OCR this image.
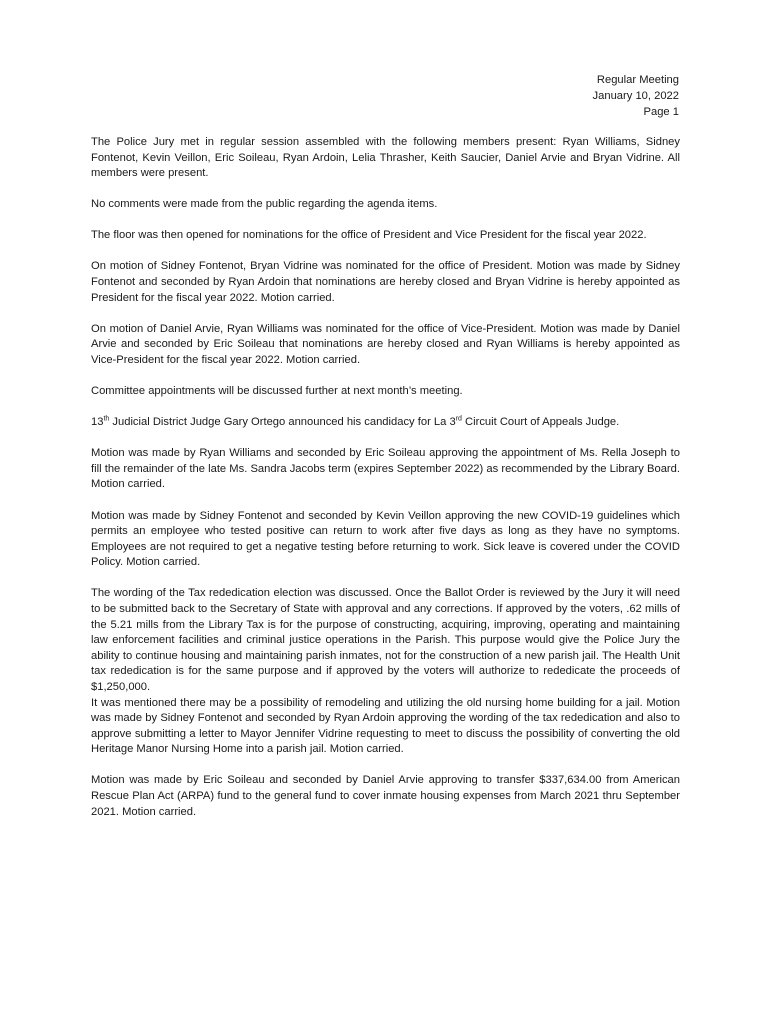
Regular Meeting
January 10, 2022
Page 1

The Police Jury met in regular session assembled with the following members present: Ryan Williams, Sidney Fontenot, Kevin Veillon, Eric Soileau, Ryan Ardoin, Lelia Thrasher, Keith Saucier, Daniel Arvie and Bryan Vidrine. All members were present.

No comments were made from the public regarding the agenda items.

The floor was then opened for nominations for the office of President and Vice President for the fiscal year 2022.

On motion of Sidney Fontenot, Bryan Vidrine was nominated for the office of President. Motion was made by Sidney Fontenot and seconded by Ryan Ardoin that nominations are hereby closed and Bryan Vidrine is hereby appointed as President for the fiscal year 2022. Motion carried.

On motion of Daniel Arvie, Ryan Williams was nominated for the office of Vice-President. Motion was made by Daniel Arvie and seconded by Eric Soileau that nominations are hereby closed and Ryan Williams is hereby appointed as Vice-President for the fiscal year 2022. Motion carried.

Committee appointments will be discussed further at next month’s meeting.

13th Judicial District Judge Gary Ortego announced his candidacy for La 3rd Circuit Court of Appeals Judge.

Motion was made by Ryan Williams and seconded by Eric Soileau approving the appointment of Ms. Rella Joseph to fill the remainder of the late Ms. Sandra Jacobs term (expires September 2022) as recommended by the Library Board. Motion carried.

Motion was made by Sidney Fontenot and seconded by Kevin Veillon approving the new COVID-19 guidelines which permits an employee who tested positive can return to work after five days as long as they have no symptoms. Employees are not required to get a negative testing before returning to work. Sick leave is covered under the COVID Policy. Motion carried.

The wording of the Tax rededication election was discussed. Once the Ballot Order is reviewed by the Jury it will need to be submitted back to the Secretary of State with approval and any corrections. If approved by the voters, .62 mills of the 5.21 mills from the Library Tax is for the purpose of constructing, acquiring, improving, operating and maintaining law enforcement facilities and criminal justice operations in the Parish. This purpose would give the Police Jury the ability to continue housing and maintaining parish inmates, not for the construction of a new parish jail. The Health Unit tax rededication is for the same purpose and if approved by the voters will authorize to rededicate the proceeds of $1,250,000.

It was mentioned there may be a possibility of remodeling and utilizing the old nursing home building for a jail. Motion was made by Sidney Fontenot and seconded by Ryan Ardoin approving the wording of the tax rededication and also to approve submitting a letter to Mayor Jennifer Vidrine requesting to meet to discuss the possibility of converting the old Heritage Manor Nursing Home into a parish jail. Motion carried.

Motion was made by Eric Soileau and seconded by Daniel Arvie approving to transfer $337,634.00 from American Rescue Plan Act (ARPA) fund to the general fund to cover inmate housing expenses from March 2021 thru September 2021. Motion carried.
